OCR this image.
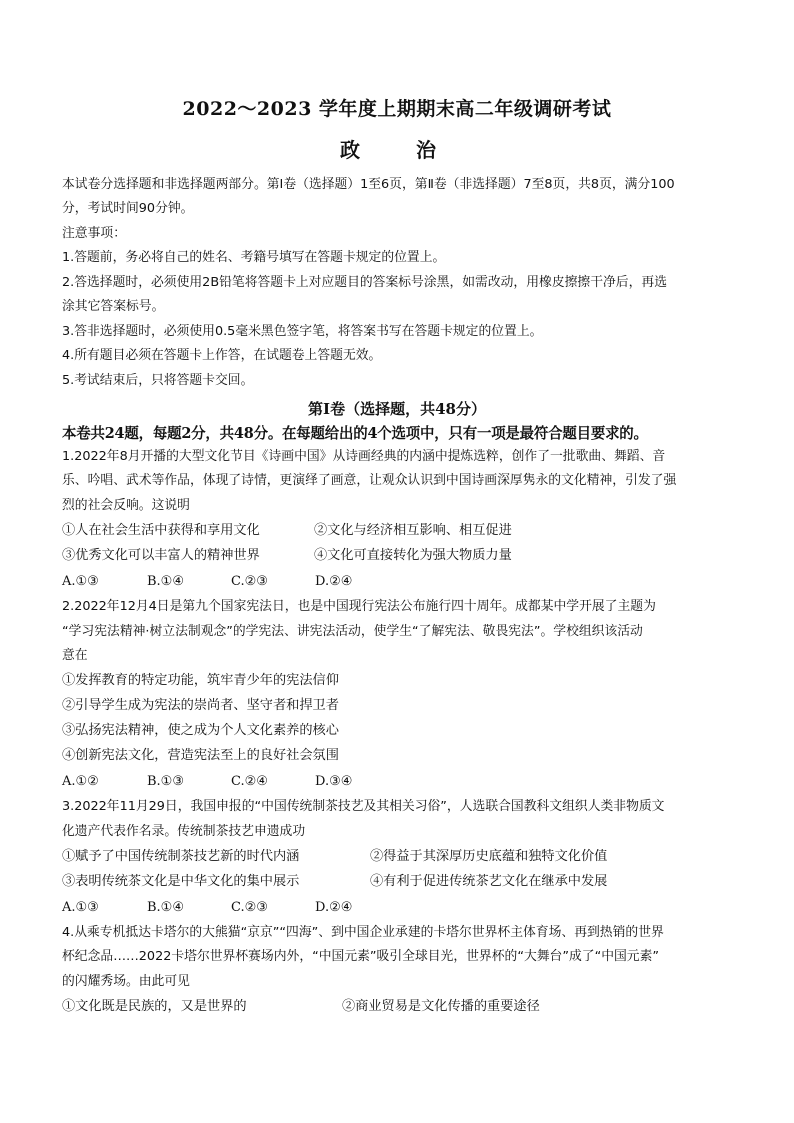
2022～2023 学年度上期期末高二年级调研考试
政　治
本试卷分选择题和非选择题两部分。第Ⅰ卷（选择题）1至6页，第Ⅱ卷（非选择题）7至8页，共8页，满分100
分，考试时间90分钟。
注意事项：
1.答题前，务必将自己的姓名、考籍号填写在答题卡规定的位置上。
2.答选择题时，必须使用2B铅笔将答题卡上对应题目的答案标号涂黑，如需改动，用橡皮擦擦干净后，再选
涂其它答案标号。
3.答非选择题时，必须使用0.5毫米黑色签字笔，将答案书写在答题卡规定的位置上。
4.所有题目必须在答题卡上作答，在试题卷上答题无效。
5.考试结束后，只将答题卡交回。
第Ⅰ卷（选择题，共48分）
本卷共24题，每题2分，共48分。在每题给出的4个选项中，只有一项是最符合题目要求的。
1.2022年8月开播的大型文化节目《诗画中国》从诗画经典的内涵中提炼选粹，创作了一批歌曲、舞蹈、音
乐、吟唱、武术等作品，体现了诗情，更演绎了画意，让观众认识到中国诗画深厚隽永的文化精神，引发了强
烈的社会反响。这说明
①人在社会生活中获得和享用文化	②文化与经济相互影响、相互促进
③优秀文化可以丰富人的精神世界	④文化可直接转化为强大物质力量
A.①③	B.①④	C.②③	D.②④
2.2022年12月4日是第九个国家宪法日，也是中国现行宪法公布施行四十周年。成都某中学开展了主题为
“学习宪法精神·树立法制观念”的学宪法、讲宪法活动，使学生“了解宪法、敬畏宪法”。学校组织该活动
意在
①发挥教育的特定功能，筑牢青少年的宪法信仰
②引导学生成为宪法的崇尚者、坚守者和捍卫者
③弘扬宪法精神，使之成为个人文化素养的核心
④创新宪法文化，营造宪法至上的良好社会氛围
A.①②	B.①③	C.②④	D.③④
3.2022年11月29日，我国申报的“中国传统制茶技艺及其相关习俗”，人选联合国教科文组织人类非物质文
化遗产代表作名录。传统制茶技艺申遗成功
①赋予了中国传统制茶技艺新的时代内涵	②得益于其深厚历史底蕴和独特文化价值
③表明传统茶文化是中华文化的集中展示	④有利于促进传统茶艺文化在继承中发展
A.①③	B.①④	C.②③	D.②④
4.从乘专机抵达卡塔尔的大熊猫“京京”“四海”、到中国企业承建的卡塔尔世界杯主体育场、再到热销的世界
杯纪念品……2022卡塔尔世界杯赛场内外，“中国元素”吸引全球目光，世界杯的“大舞台”成了“中国元素”
的闪耀秀场。由此可见
①文化既是民族的，又是世界的	②商业贸易是文化传播的重要途径
